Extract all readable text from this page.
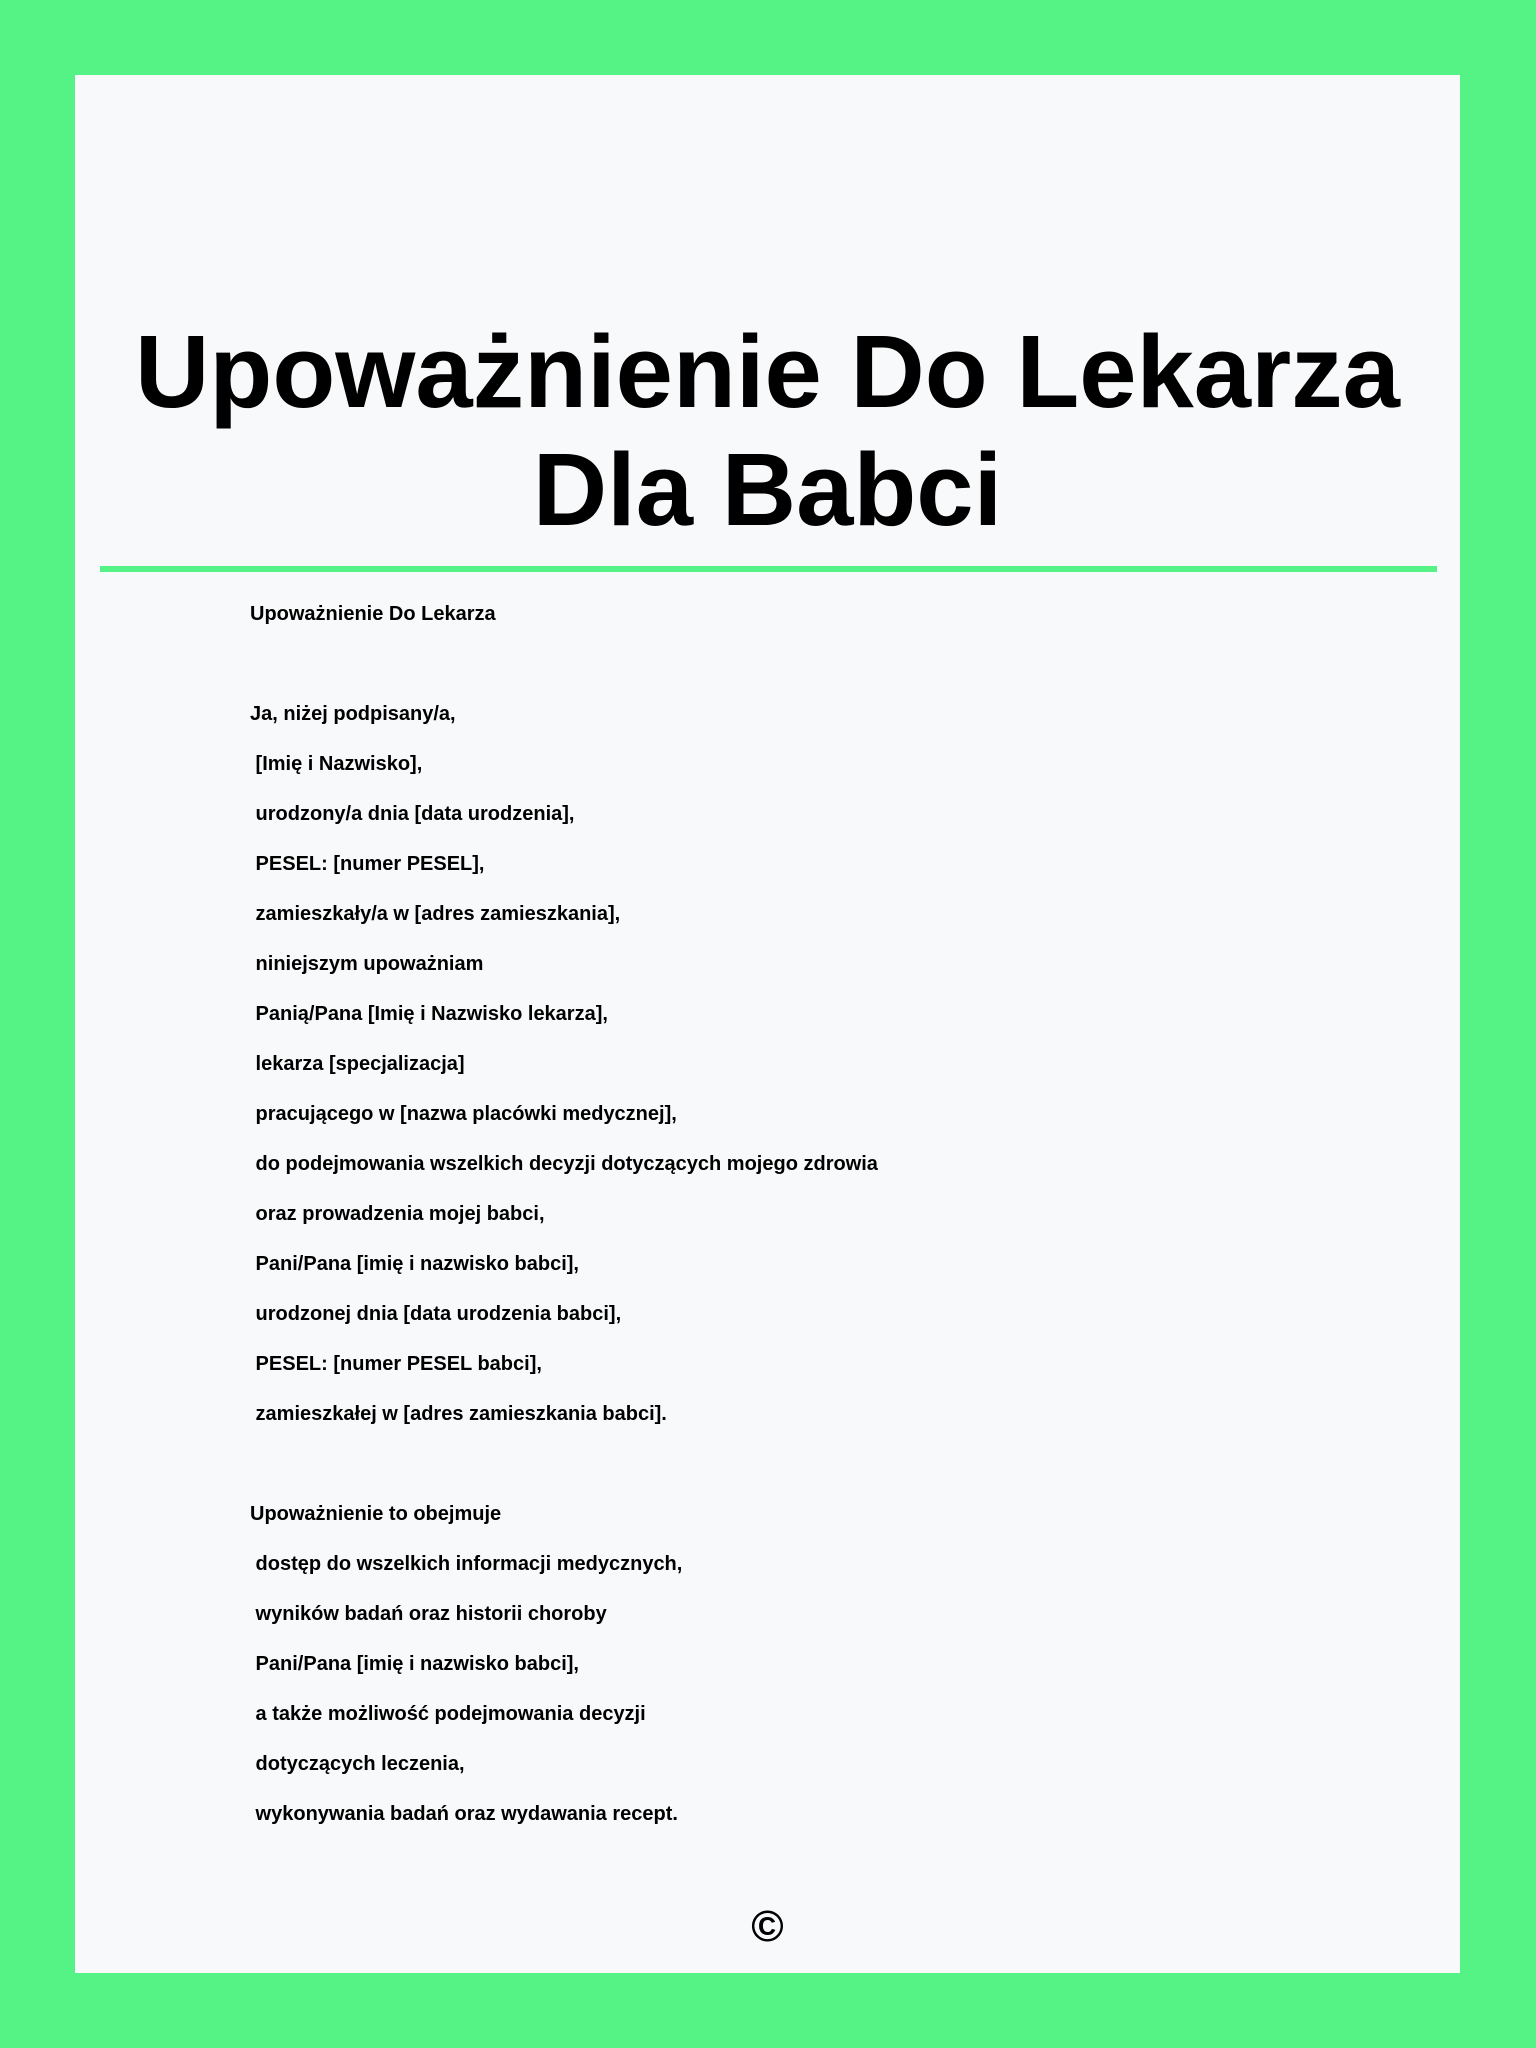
Upoważnienie Do Lekarza Dla Babci
Upoważnienie Do Lekarza
Ja, niżej podpisany/a,
[Imię i Nazwisko],
urodzony/a dnia [data urodzenia],
PESEL: [numer PESEL],
zamieszkały/a w [adres zamieszkania],
niniejszym upoważniam
Panią/Pana [Imię i Nazwisko lekarza],
lekarza [specjalizacja]
pracującego w [nazwa placówki medycznej],
do podejmowania wszelkich decyzji dotyczących mojego zdrowia
oraz prowadzenia mojej babci,
Pani/Pana [imię i nazwisko babci],
urodzonej dnia [data urodzenia babci],
PESEL: [numer PESEL babci],
zamieszkałej w [adres zamieszkania babci].
Upoważnienie to obejmuje
dostęp do wszelkich informacji medycznych,
wyników badań oraz historii choroby
Pani/Pana [imię i nazwisko babci],
a także możliwość podejmowania decyzji
dotyczących leczenia,
wykonywania badań oraz wydawania recept.
©
